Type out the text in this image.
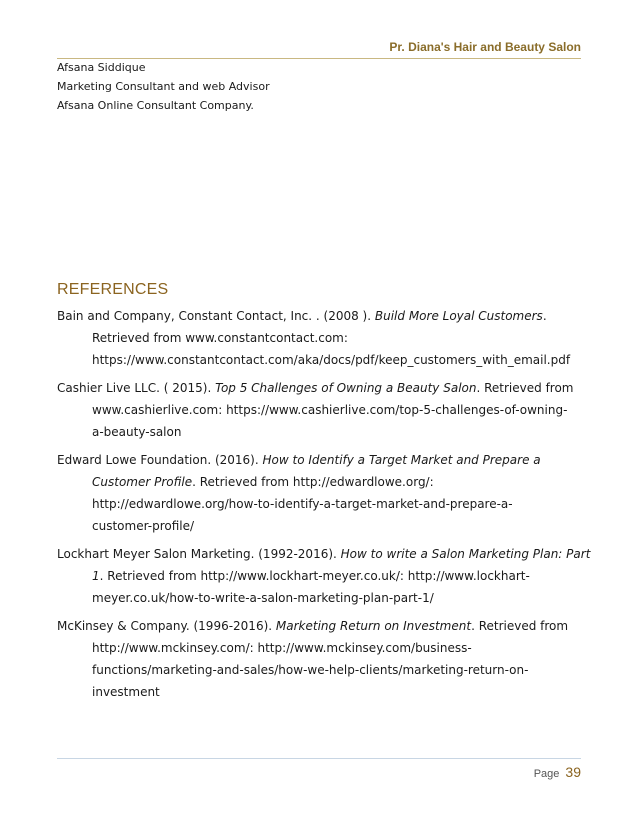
Pr. Diana's Hair and Beauty Salon
Afsana Siddique
Marketing Consultant and web Advisor
Afsana Online Consultant Company.
REFERENCES
Bain and Company, Constant Contact, Inc. . (2008 ). Build More Loyal Customers.
Retrieved from www.constantcontact.com:
https://www.constantcontact.com/aka/docs/pdf/keep_customers_with_email.pdf
Cashier Live LLC. ( 2015). Top 5 Challenges of Owning a Beauty Salon. Retrieved from
www.cashierlive.com: https://www.cashierlive.com/top-5-challenges-of-owning-
a-beauty-salon
Edward Lowe Foundation. (2016). How to Identify a Target Market and Prepare a
Customer Profile. Retrieved from http://edwardlowe.org/:
http://edwardlowe.org/how-to-identify-a-target-market-and-prepare-a-
customer-profile/
Lockhart Meyer Salon Marketing. (1992-2016). How to write a Salon Marketing Plan: Part
1. Retrieved from http://www.lockhart-meyer.co.uk/: http://www.lockhart-
meyer.co.uk/how-to-write-a-salon-marketing-plan-part-1/
McKinsey & Company. (1996-2016). Marketing Return on Investment. Retrieved from
http://www.mckinsey.com/: http://www.mckinsey.com/business-
functions/marketing-and-sales/how-we-help-clients/marketing-return-on-
investment
Page 39
